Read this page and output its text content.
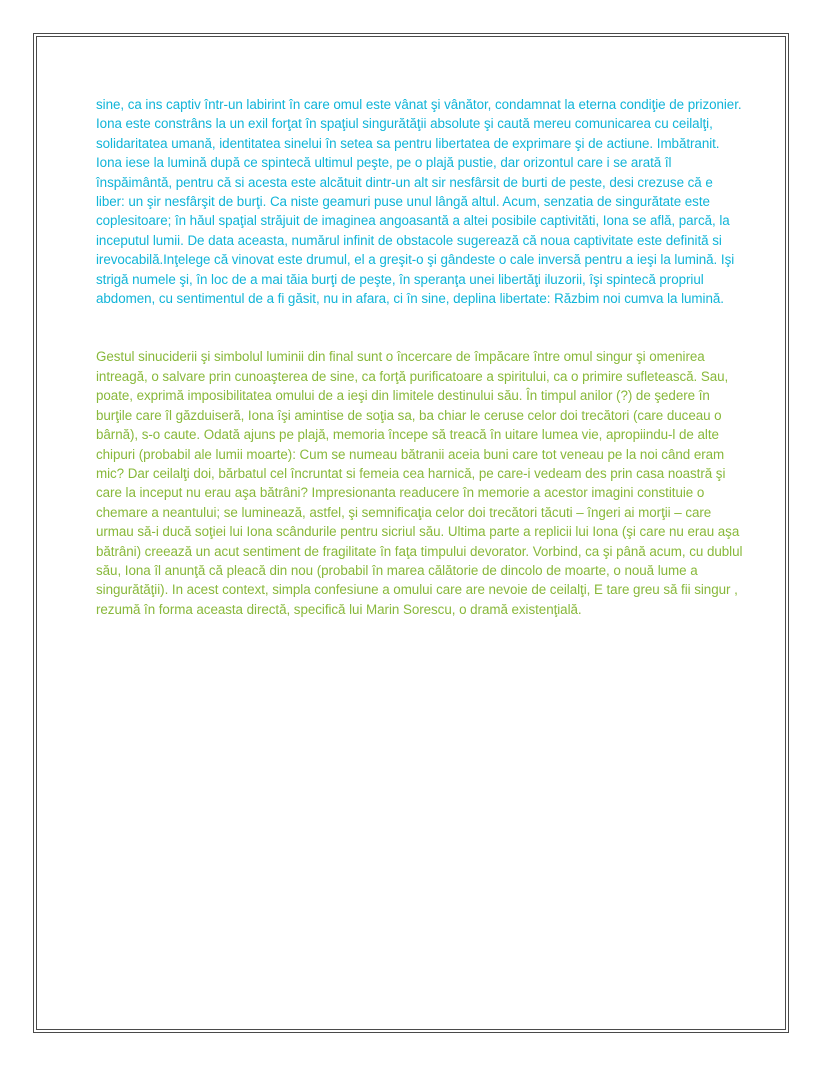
sine, ca ins captiv într-un labirint în care omul este vânat şi vânător, condamnat la eterna condiţie de prizonier. Iona este constrâns la un exil forţat în spaţiul singurătăţii absolute şi caută mereu comunicarea cu ceilalţi, solidaritatea umană, identitatea sinelui în setea sa pentru libertatea de exprimare şi de actiune. Imbătranit. Iona iese la lumină după ce spintecă ultimul peşte, pe o plajă pustie, dar orizontul care i se arată îl înspăimântă, pentru că si acesta este alcătuit dintr-un alt sir nesfârsit de burti de peste, desi crezuse că e liber: un şir nesfârşit de burţi. Ca niste geamuri puse unul lângă altul. Acum, senzatia de singurătate este coplesitoare; în hăul spaţial străjuit de imaginea angoasantă a altei posibile captivităti, Iona se află, parcă, la inceputul lumii. De data aceasta, numărul infinit de obstacole sugerează că noua captivitate este definită si irevocabilă.Inţelege că vinovat este drumul, el a greşit-o şi gândeste o cale inversă pentru a ieşi la lumină. Işi strigă numele şi, în loc de a mai tăia burţi de peşte, în speranţa unei libertăţi iluzorii, îşi spintecă propriul abdomen, cu sentimentul de a fi găsit, nu in afara, ci în sine, deplina libertate: Răzbim noi cumva la lumină.

Gestul sinuciderii şi simbolul luminii din final sunt o încercare de împăcare între omul singur şi omenirea intreagă, o salvare prin cunoaşterea de sine, ca forţă purificatoare a spiritului, ca o primire sufletească. Sau, poate, exprimă imposibilitatea omului de a ieşi din limitele destinului său. În timpul anilor (?) de şedere în burţile care îl găzduiseră, Iona îşi amintise de soţia sa, ba chiar le ceruse celor doi trecători (care duceau o bârnă), s-o caute. Odată ajuns pe plajă, memoria începe să treacă în uitare lumea vie, apropiindu-l de alte chipuri (probabil ale lumii moarte): Cum se numeau bătranii aceia buni care tot veneau pe la noi când eram mic? Dar ceilalţi doi, bărbatul cel încruntat si femeia cea harnică, pe care-i vedeam des prin casa noastră şi care la inceput nu erau aşa bătrâni? Impresionanta readucere în memorie a acestor imagini constituie o chemare a neantului; se luminează, astfel, şi semnificaţia celor doi trecători tăcuti – îngeri ai morţii – care urmau să-i ducă soţiei lui Iona scândurile pentru sicriul său. Ultima parte a replicii lui Iona (şi care nu erau aşa bătrâni) creează un acut sentiment de fragilitate în faţa timpului devorator. Vorbind, ca şi până acum, cu dublul său, Iona îl anunţă că pleacă din nou (probabil în marea călătorie de dincolo de moarte, o nouă lume a singurătăţii). In acest context, simpla confesiune a omului care are nevoie de ceilalţi, E tare greu să fii singur , rezumă în forma aceasta directă, specifică lui Marin Sorescu, o dramă existenţială.
